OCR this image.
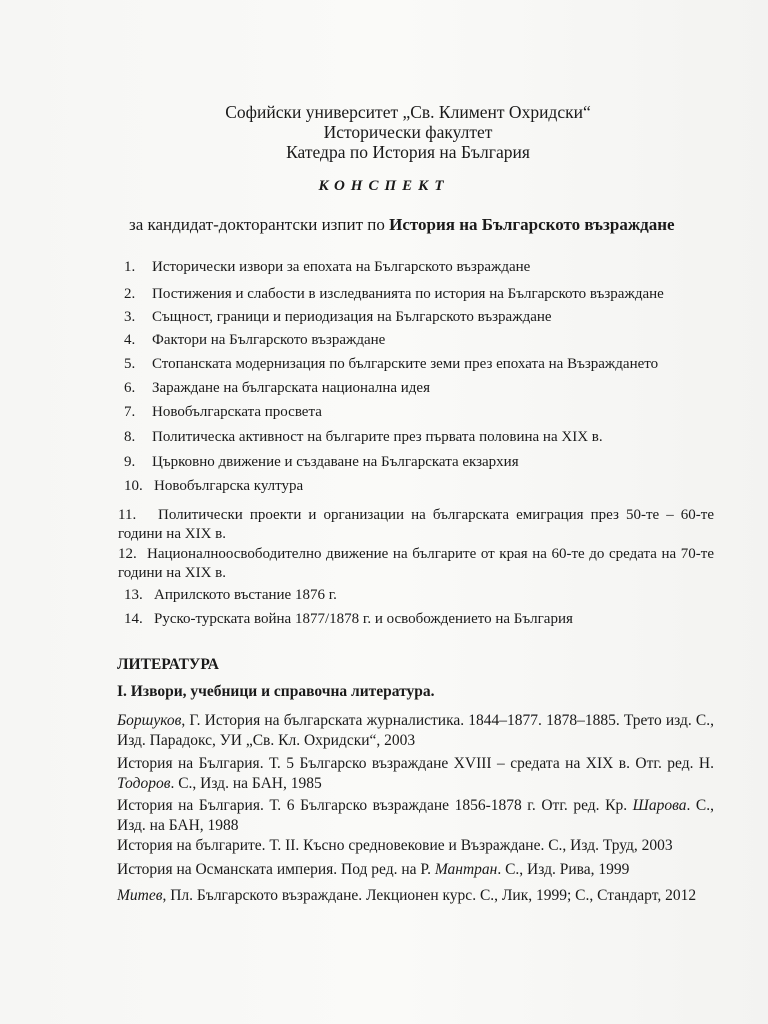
Софийски университет „Св. Климент Охридски“
Исторически факултет
Катедра по История на България
КОНСПЕКТ
за кандидат-докторантски изпит по История на Българското възраждане
1. Исторически извори за епохата на Българското възраждане
2. Постижения и слабости в изследванията по история на Българското възраждане
3. Същност, граници и периодизация на Българското възраждане
4. Фактори на Българското възраждане
5. Стопанската модернизация по българските земи през епохата на Възраждането
6. Зараждане на българската национална идея
7. Новобългарската просвета
8. Политическа активност на българите през първата половина на XIX в.
9. Църковно движение и създаване на Българската екзархия
10. Новобългарска култура
11. Политически проекти и организации на българската емиграция през 50-те – 60-те години на XIX в.
12. Националноосвободително движение на българите от края на 60-те до средата на 70-те години на XIX в.
13. Априлското въстание 1876 г.
14. Руско-турската война 1877/1878 г. и освобождението на България
ЛИТЕРАТУРА
І. Извори, учебници и справочна литература.
Боршуков, Г. История на българската журналистика. 1844–1877. 1878–1885. Трето изд. С., Изд. Парадокс, УИ „Св. Кл. Охридски“, 2003
История на България. Т. 5 Българско възраждане XVIII – средата на XIX в. Отг. ред. Н. Тодоров. С., Изд. на БАН, 1985
История на България. Т. 6 Българско възраждане 1856-1878 г. Отг. ред. Кр. Шарова. С., Изд. на БАН, 1988
История на българите. Т. II. Късно средновековие и Възраждане. С., Изд. Труд, 2003
История на Османската империя. Под ред. на Р. Мантран. С., Изд. Рива, 1999
Митев, Пл. Българското възраждане. Лекционен курс. С., Лик, 1999; С., Стандарт, 2012
